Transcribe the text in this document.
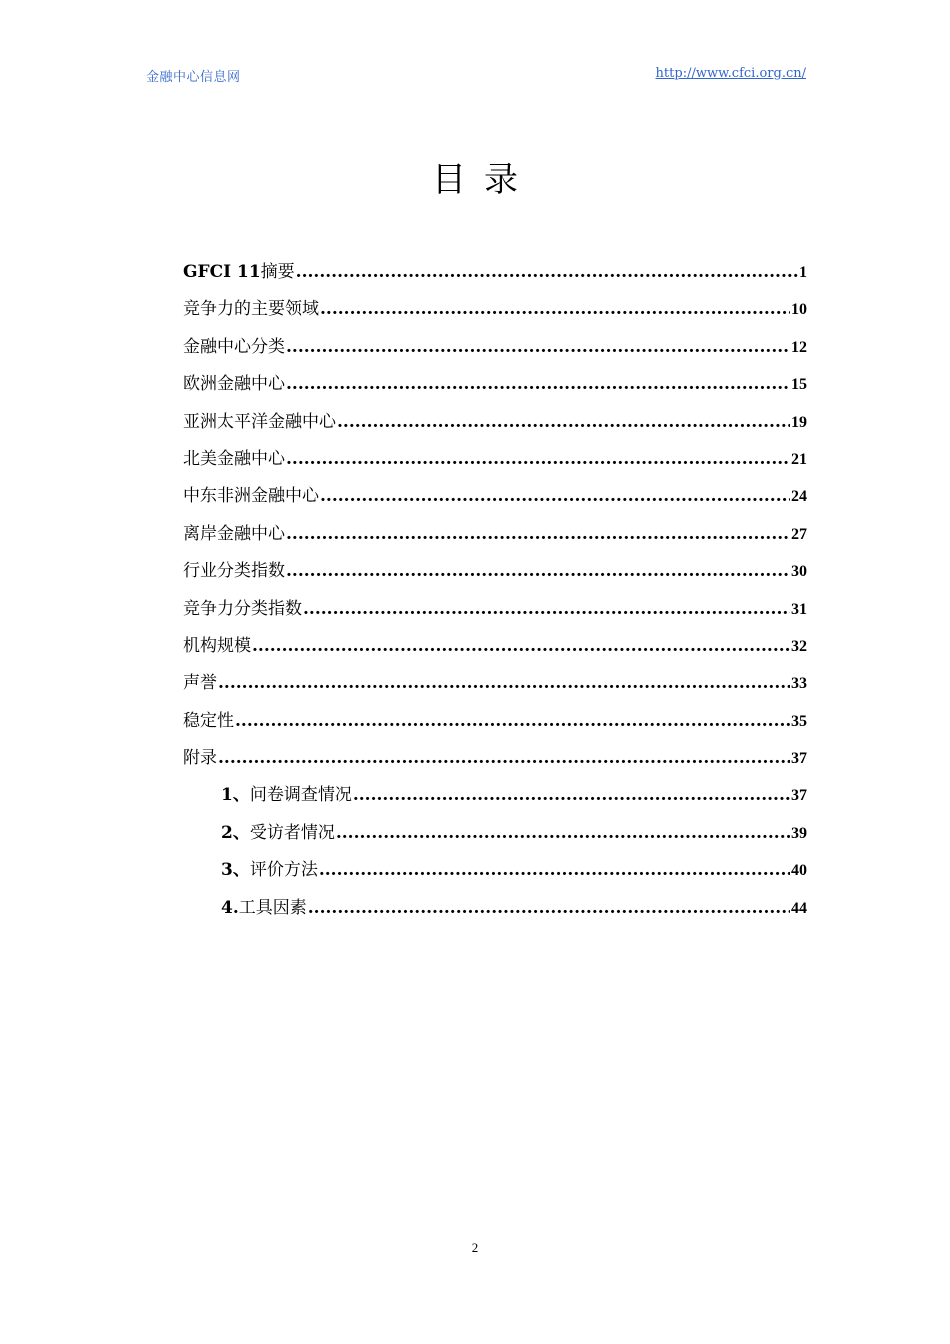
金融中心信息网	http://www.cfci.org.cn/
目录
GFCI 11 摘要 .....	1
竞争力的主要领域 .....	10
金融中心分类 .....	12
欧洲金融中心 .....	15
亚洲太平洋金融中心 .....	19
北美金融中心 .....	21
中东非洲金融中心 .....	24
离岸金融中心 .....	27
行业分类指数 .....	30
竞争力分类指数 .....	31
机构规模 .....	32
声誉 .....	33
稳定性 .....	35
附录 .....	37
1、 问卷调查情况 .....	37
2、 受访者情况 .....	39
3、 评价方法 .....	40
4. 工具因素 .....	44
2
